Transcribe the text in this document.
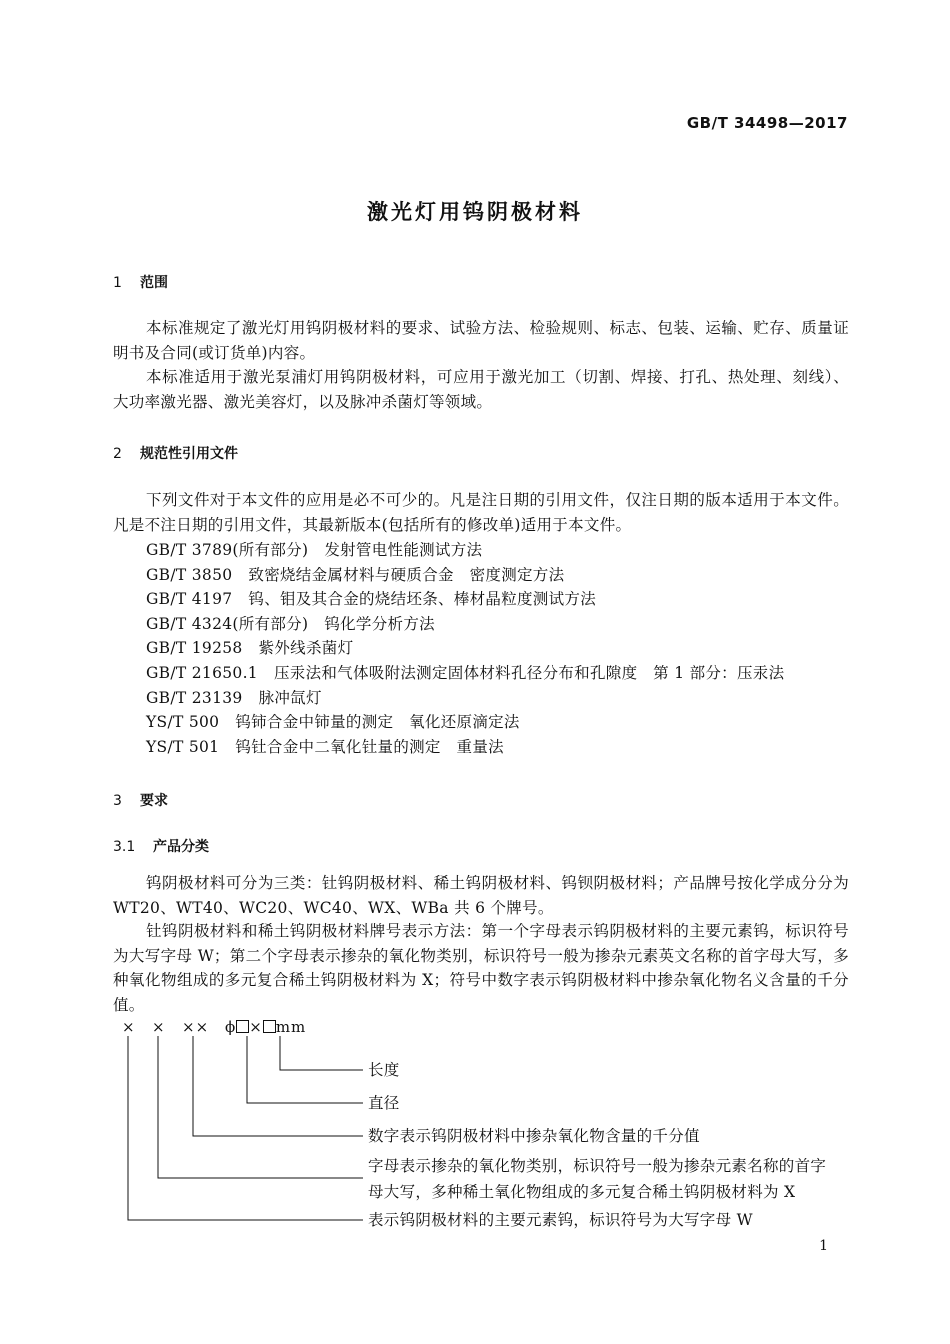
GB/T 34498—2017
激光灯用钨阴极材料
1 范围
本标准规定了激光灯用钨阴极材料的要求、试验方法、检验规则、标志、包装、运输、贮存、质量证明书及合同(或订货单)内容。
本标准适用于激光泵浦灯用钨阴极材料，可应用于激光加工（切割、焊接、打孔、热处理、刻线）、大功率激光器、激光美容灯，以及脉冲杀菌灯等领域。
2 规范性引用文件
下列文件对于本文件的应用是必不可少的。凡是注日期的引用文件，仅注日期的版本适用于本文件。凡是不注日期的引用文件，其最新版本(包括所有的修改单)适用于本文件。
GB/T 3789(所有部分) 发射管电性能测试方法
GB/T 3850 致密烧结金属材料与硬质合金　密度测定方法
GB/T 4197 钨、钼及其合金的烧结坯条、棒材晶粒度测试方法
GB/T 4324(所有部分) 钨化学分析方法
GB/T 19258 紫外线杀菌灯
GB/T 21650.1 压汞法和气体吸附法测定固体材料孔径分布和孔隙度　第 1 部分：压汞法
GB/T 23139 脉冲氙灯
YS/T 500 钨铈合金中铈量的测定　氧化还原滴定法
YS/T 501 钨钍合金中二氧化钍量的测定　重量法
3 要求
3.1 产品分类
钨阴极材料可分为三类：钍钨阴极材料、稀土钨阴极材料、钨钡阴极材料；产品牌号按化学成分分为WT20、WT40、WC20、WC40、WX、WBa 共 6 个牌号。
钍钨阴极材料和稀土钨阴极材料牌号表示方法：第一个字母表示钨阴极材料的主要元素钨，标识符号为大写字母 W；第二个字母表示掺杂的氧化物类别，标识符号一般为掺杂元素英文名称的首字母大写，多种氧化物组成的多元复合稀土钨阴极材料为 X；符号中数字表示钨阴极材料中掺杂氧化物名义含量的千分值。
× × ×× ϕ × mm
长度
直径
数字表示钨阴极材料中掺杂氧化物含量的千分值
字母表示掺杂的氧化物类别，标识符号一般为掺杂元素名称的首字
母大写，多种稀土氧化物组成的多元复合稀土钨阴极材料为 X
表示钨阴极材料的主要元素钨，标识符号为大写字母 W
1
